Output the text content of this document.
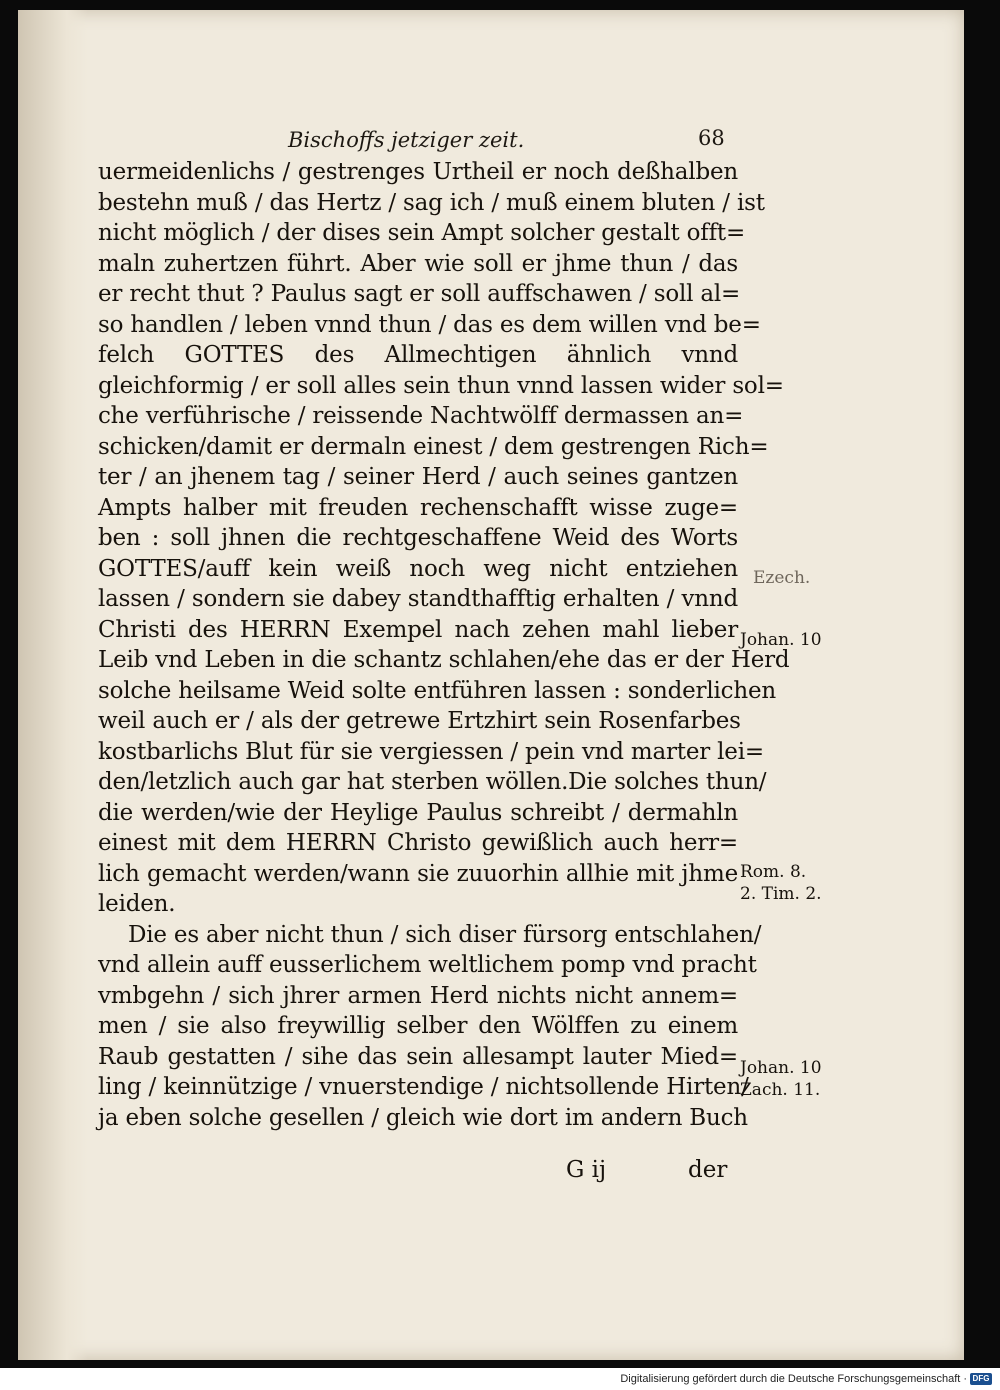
Bischoffs jetziger zeit.	68
uermeidenlichs / gestrenges Urtheil er noch deßhalben
bestehn muß / das Hertz / sag ich / muß einem bluten / ist
nicht möglich / der dises sein Ampt solcher gestalt offt=
maln zuhertzen führt. Aber wie soll er jhme thun / das
er recht thut ? Paulus sagt er soll auffschawen / soll al=
so handlen / leben vnnd thun / das es dem willen vnd be=
felch GOTTES des Allmechtigen ähnlich vnnd
gleichformig / er soll alles sein thun vnnd lassen wider sol=
che verführische / reissende Nachtwölff dermassen an=
schicken/damit er dermaln einest / dem gestrengen Rich=
ter / an jhenem tag / seiner Herd / auch seines gantzen
Ampts halber mit freuden rechenschafft wisse zuge=
ben : soll jhnen die rechtgeschaffene Weid des Worts
GOTTES/auff kein weiß noch weg nicht entziehen
lassen / sondern sie dabey standthafftig erhalten / vnnd
Christi des HERRN Exempel nach zehen mahl lieber
Leib vnd Leben in die schantz schlahen/ehe das er der Herd
solche heilsame Weid solte entführen lassen : sonderlichen
weil auch er / als der getrewe Ertzhirt sein Rosenfarbes
kostbarlichs Blut für sie vergiessen / pein vnd marter lei=
den/letzlich auch gar hat sterben wöllen.Die solches thun/
die werden/wie der Heylige Paulus schreibt / dermahln
einest mit dem HERRN Christo gewißlich auch herr=
lich gemacht werden/wann sie zuuorhin allhie mit jhme
leiden.
Die es aber nicht thun / sich diser fürsorg entschlahen/
vnd allein auff eusserlichem weltlichem pomp vnd pracht
vmbgehn / sich jhrer armen Herd nichts nicht annem=
men / sie also freywillig selber den Wölffen zu einem
Raub gestatten / sihe das sein allesampt lauter Mied=
ling / keinnützige / vnuerstendige / nichtsollende Hirten/
ja eben solche gesellen / gleich wie dort im andern Buch
G ij	der
Ezech.
Johan. 10
Rom. 8.
2. Tim. 2.
Johan. 10
Zach. 11.
Digitalisierung gefördert durch die Deutsche Forschungsgemeinschaft · DFG
